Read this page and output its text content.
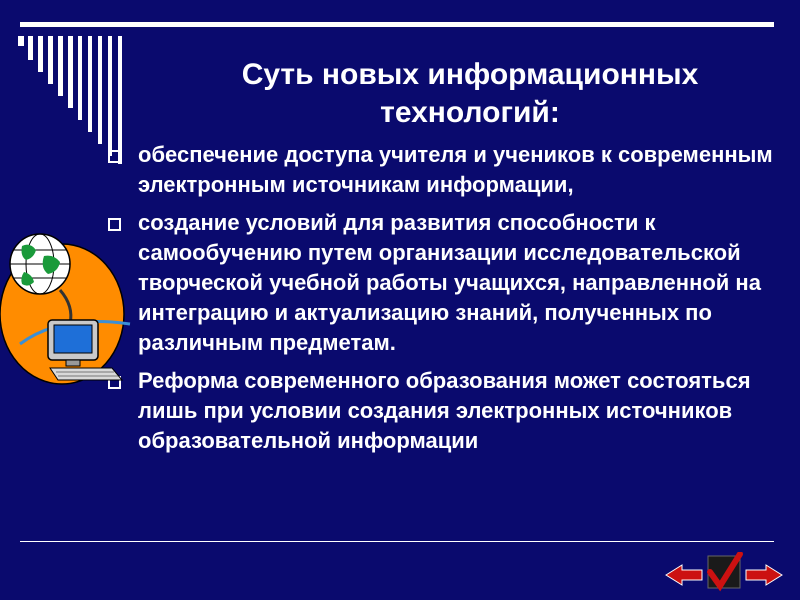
Суть новых информационных технологий:
обеспечение доступа учителя и учеников к современным электронным источникам информации,
создание условий для развития способности к самообучению путем организации исследовательской творческой учебной работы учащихся, направленной на интеграцию и актуализацию знаний, полученных по различным предметам.
Реформа современного образования может состояться лишь при условии создания электронных источников образовательной информации
